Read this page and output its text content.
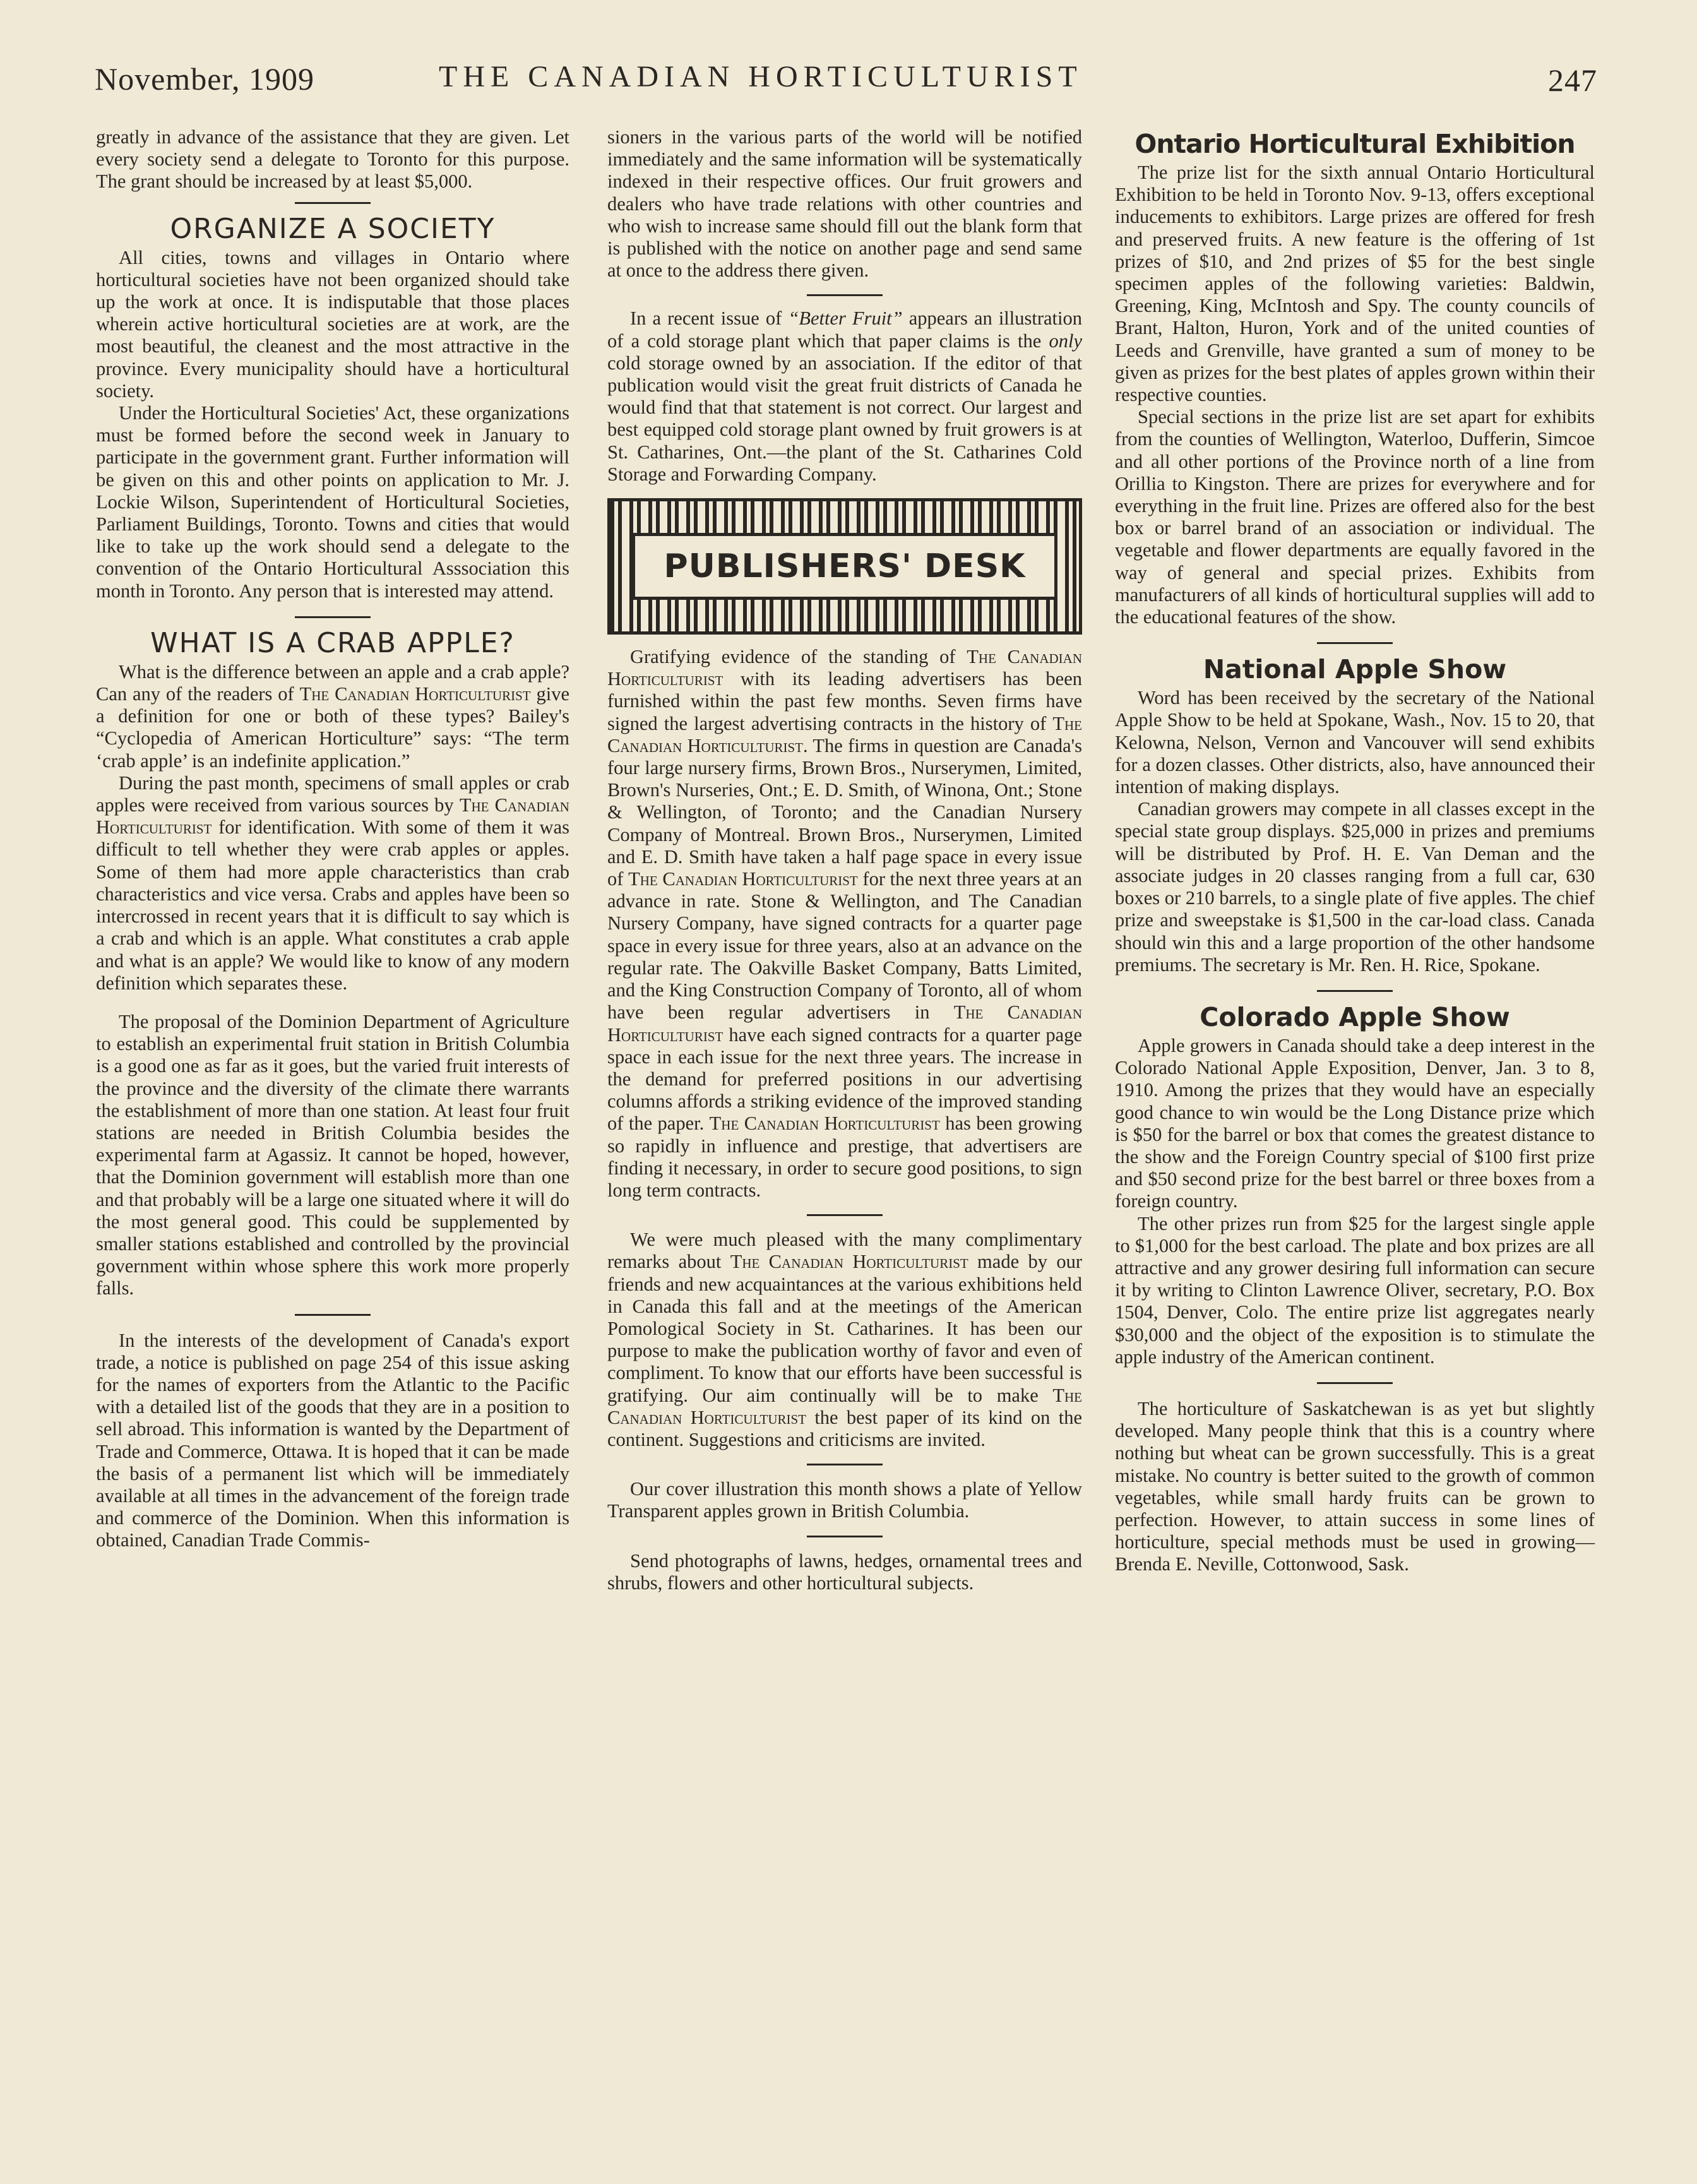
November, 1909	THE CANADIAN HORTICULTURIST	247

greatly in advance of the assistance that they are given. Let every society send a delegate to Toronto for this purpose. The grant should be increased by at least $5,000.

ORGANIZE A SOCIETY

All cities, towns and villages in Ontario where horticultural societies have not been organized should take up the work at once. It is indisputable that those places wherein active horticultural societies are at work, are the most beautiful, the cleanest and the most attractive in the province. Every municipality should have a horticultural society.

Under the Horticultural Societies' Act, these organizations must be formed before the second week in January to participate in the government grant. Further information will be given on this and other points on application to Mr. J. Lockie Wilson, Superintendent of Horticultural Societies, Parliament Buildings, Toronto. Towns and cities that would like to take up the work should send a delegate to the convention of the Ontario Horticultural Asssociation this month in Toronto. Any person that is interested may attend.

WHAT IS A CRAB APPLE?

What is the difference between an apple and a crab apple? Can any of the readers of The Canadian Horticulturist give a definition for one or both of these types? Bailey's “Cyclopedia of American Horticulture” says: “The term ‘crab apple’ is an indefinite application.”

During the past month, specimens of small apples or crab apples were received from various sources by The Canadian Horticulturist for identification. With some of them it was difficult to tell whether they were crab apples or apples. Some of them had more apple characteristics than crab characteristics and vice versa. Crabs and apples have been so intercrossed in recent years that it is difficult to say which is a crab and which is an apple. What constitutes a crab apple and what is an apple? We would like to know of any modern definition which separates these.

The proposal of the Dominion Department of Agriculture to establish an experimental fruit station in British Columbia is a good one as far as it goes, but the varied fruit interests of the province and the diversity of the climate there warrants the establishment of more than one station. At least four fruit stations are needed in British Columbia besides the experimental farm at Agassiz. It cannot be hoped, however, that the Dominion government will establish more than one and that probably will be a large one situated where it will do the most general good. This could be supplemented by smaller stations established and controlled by the provincial government within whose sphere this work more properly falls.

In the interests of the development of Canada's export trade, a notice is published on page 254 of this issue asking for the names of exporters from the Atlantic to the Pacific with a detailed list of the goods that they are in a position to sell abroad. This information is wanted by the Department of Trade and Commerce, Ottawa. It is hoped that it can be made the basis of a permanent list which will be immediately available at all times in the advancement of the foreign trade and commerce of the Dominion. When this information is obtained, Canadian Trade Commis-

sioners in the various parts of the world will be notified immediately and the same information will be systematically indexed in their respective offices. Our fruit growers and dealers who have trade relations with other countries and who wish to increase same should fill out the blank form that is published with the notice on another page and send same at once to the address there given.

In a recent issue of “Better Fruit” appears an illustration of a cold storage plant which that paper claims is the only cold storage owned by an association. If the editor of that publication would visit the great fruit districts of Canada he would find that that statement is not correct. Our largest and best equipped cold storage plant owned by fruit growers is at St. Catharines, Ont.—the plant of the St. Catharines Cold Storage and Forwarding Company.

PUBLISHERS' DESK

Gratifying evidence of the standing of The Canadian Horticulturist with its leading advertisers has been furnished within the past few months. Seven firms have signed the largest advertising contracts in the history of The Canadian Horticulturist. The firms in question are Canada's four large nursery firms, Brown Bros., Nurserymen, Limited, Brown's Nurseries, Ont.; E. D. Smith, of Winona, Ont.; Stone & Wellington, of Toronto; and the Canadian Nursery Company of Montreal. Brown Bros., Nurserymen, Limited and E. D. Smith have taken a half page space in every issue of The Canadian Horticulturist for the next three years at an advance in rate. Stone & Wellington, and The Canadian Nursery Company, have signed contracts for a quarter page space in every issue for three years, also at an advance on the regular rate. The Oakville Basket Company, Batts Limited, and the King Construction Company of Toronto, all of whom have been regular advertisers in The Canadian Horticulturist have each signed contracts for a quarter page space in each issue for the next three years. The increase in the demand for preferred positions in our advertising columns affords a striking evidence of the improved standing of the paper. The Canadian Horticulturist has been growing so rapidly in influence and prestige, that advertisers are finding it necessary, in order to secure good positions, to sign long term contracts.

We were much pleased with the many complimentary remarks about The Canadian Horticulturist made by our friends and new acquaintances at the various exhibitions held in Canada this fall and at the meetings of the American Pomological Society in St. Catharines. It has been our purpose to make the publication worthy of favor and even of compliment. To know that our efforts have been successful is gratifying. Our aim continually will be to make The Canadian Horticulturist the best paper of its kind on the continent. Suggestions and criticisms are invited.

Our cover illustration this month shows a plate of Yellow Transparent apples grown in British Columbia.

Send photographs of lawns, hedges, ornamental trees and shrubs, flowers and other horticultural subjects.

Ontario Horticultural Exhibition

The prize list for the sixth annual Ontario Horticultural Exhibition to be held in Toronto Nov. 9-13, offers exceptional inducements to exhibitors. Large prizes are offered for fresh and preserved fruits. A new feature is the offering of 1st prizes of $10, and 2nd prizes of $5 for the best single specimen apples of the following varieties: Baldwin, Greening, King, McIntosh and Spy. The county councils of Brant, Halton, Huron, York and of the united counties of Leeds and Grenville, have granted a sum of money to be given as prizes for the best plates of apples grown within their respective counties.

Special sections in the prize list are set apart for exhibits from the counties of Wellington, Waterloo, Dufferin, Simcoe and all other portions of the Province north of a line from Orillia to Kingston. There are prizes for everywhere and for everything in the fruit line. Prizes are offered also for the best box or barrel brand of an association or individual. The vegetable and flower departments are equally favored in the way of general and special prizes. Exhibits from manufacturers of all kinds of horticultural supplies will add to the educational features of the show.

National Apple Show

Word has been received by the secretary of the National Apple Show to be held at Spokane, Wash., Nov. 15 to 20, that Kelowna, Nelson, Vernon and Vancouver will send exhibits for a dozen classes. Other districts, also, have announced their intention of making displays.

Canadian growers may compete in all classes except in the special state group displays. $25,000 in prizes and premiums will be distributed by Prof. H. E. Van Deman and the associate judges in 20 classes ranging from a full car, 630 boxes or 210 barrels, to a single plate of five apples. The chief prize and sweepstake is $1,500 in the car-load class. Canada should win this and a large proportion of the other handsome premiums. The secretary is Mr. Ren. H. Rice, Spokane.

Colorado Apple Show

Apple growers in Canada should take a deep interest in the Colorado National Apple Exposition, Denver, Jan. 3 to 8, 1910. Among the prizes that they would have an especially good chance to win would be the Long Distance prize which is $50 for the barrel or box that comes the greatest distance to the show and the Foreign Country special of $100 first prize and $50 second prize for the best barrel or three boxes from a foreign country.

The other prizes run from $25 for the largest single apple to $1,000 for the best carload. The plate and box prizes are all attractive and any grower desiring full information can secure it by writing to Clinton Lawrence Oliver, secretary, P.O. Box 1504, Denver, Colo. The entire prize list aggregates nearly $30,000 and the object of the exposition is to stimulate the apple industry of the American continent.

The horticulture of Saskatchewan is as yet but slightly developed. Many people think that this is a country where nothing but wheat can be grown successfully. This is a great mistake. No country is better suited to the growth of common vegetables, while small hardy fruits can be grown to perfection. However, to attain success in some lines of horticulture, special methods must be used in growing—Brenda E. Neville, Cottonwood, Sask.
